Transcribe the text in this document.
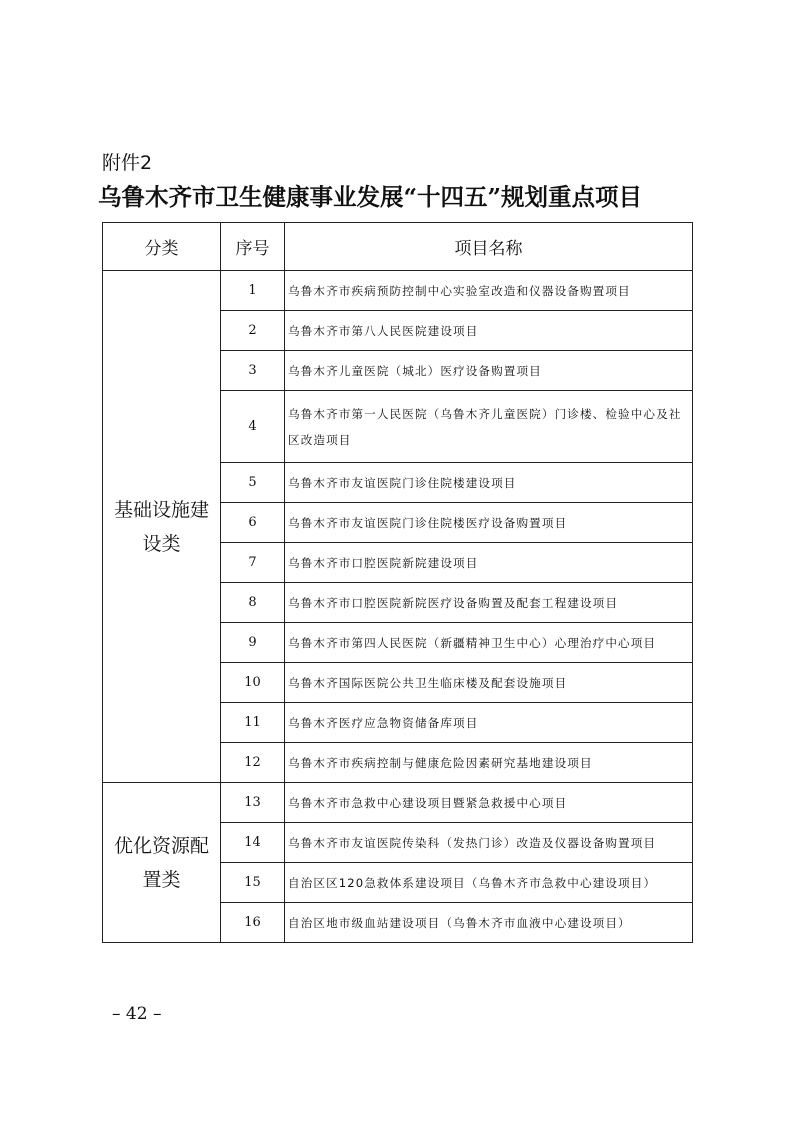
附件2
乌鲁木齐市卫生健康事业发展“十四五”规划重点项目
分类	序号	项目名称
基础设施建设类	1	乌鲁木齐市疾病预防控制中心实验室改造和仪器设备购置项目
	2	乌鲁木齐市第八人民医院建设项目
	3	乌鲁木齐儿童医院（城北）医疗设备购置项目
	4	乌鲁木齐市第一人民医院（乌鲁木齐儿童医院）门诊楼、检验中心及社区改造项目
	5	乌鲁木齐市友谊医院门诊住院楼建设项目
	6	乌鲁木齐市友谊医院门诊住院楼医疗设备购置项目
	7	乌鲁木齐市口腔医院新院建设项目
	8	乌鲁木齐市口腔医院新院医疗设备购置及配套工程建设项目
	9	乌鲁木齐市第四人民医院（新疆精神卫生中心）心理治疗中心项目
	10	乌鲁木齐国际医院公共卫生临床楼及配套设施项目
	11	乌鲁木齐医疗应急物资储备库项目
	12	乌鲁木齐市疾病控制与健康危险因素研究基地建设项目
优化资源配置类	13	乌鲁木齐市急救中心建设项目暨紧急救援中心项目
	14	乌鲁木齐市友谊医院传染科（发热门诊）改造及仪器设备购置项目
	15	自治区区120急救体系建设项目（乌鲁木齐市急救中心建设项目）
	16	自治区地市级血站建设项目（乌鲁木齐市血液中心建设项目）
– 42 –
